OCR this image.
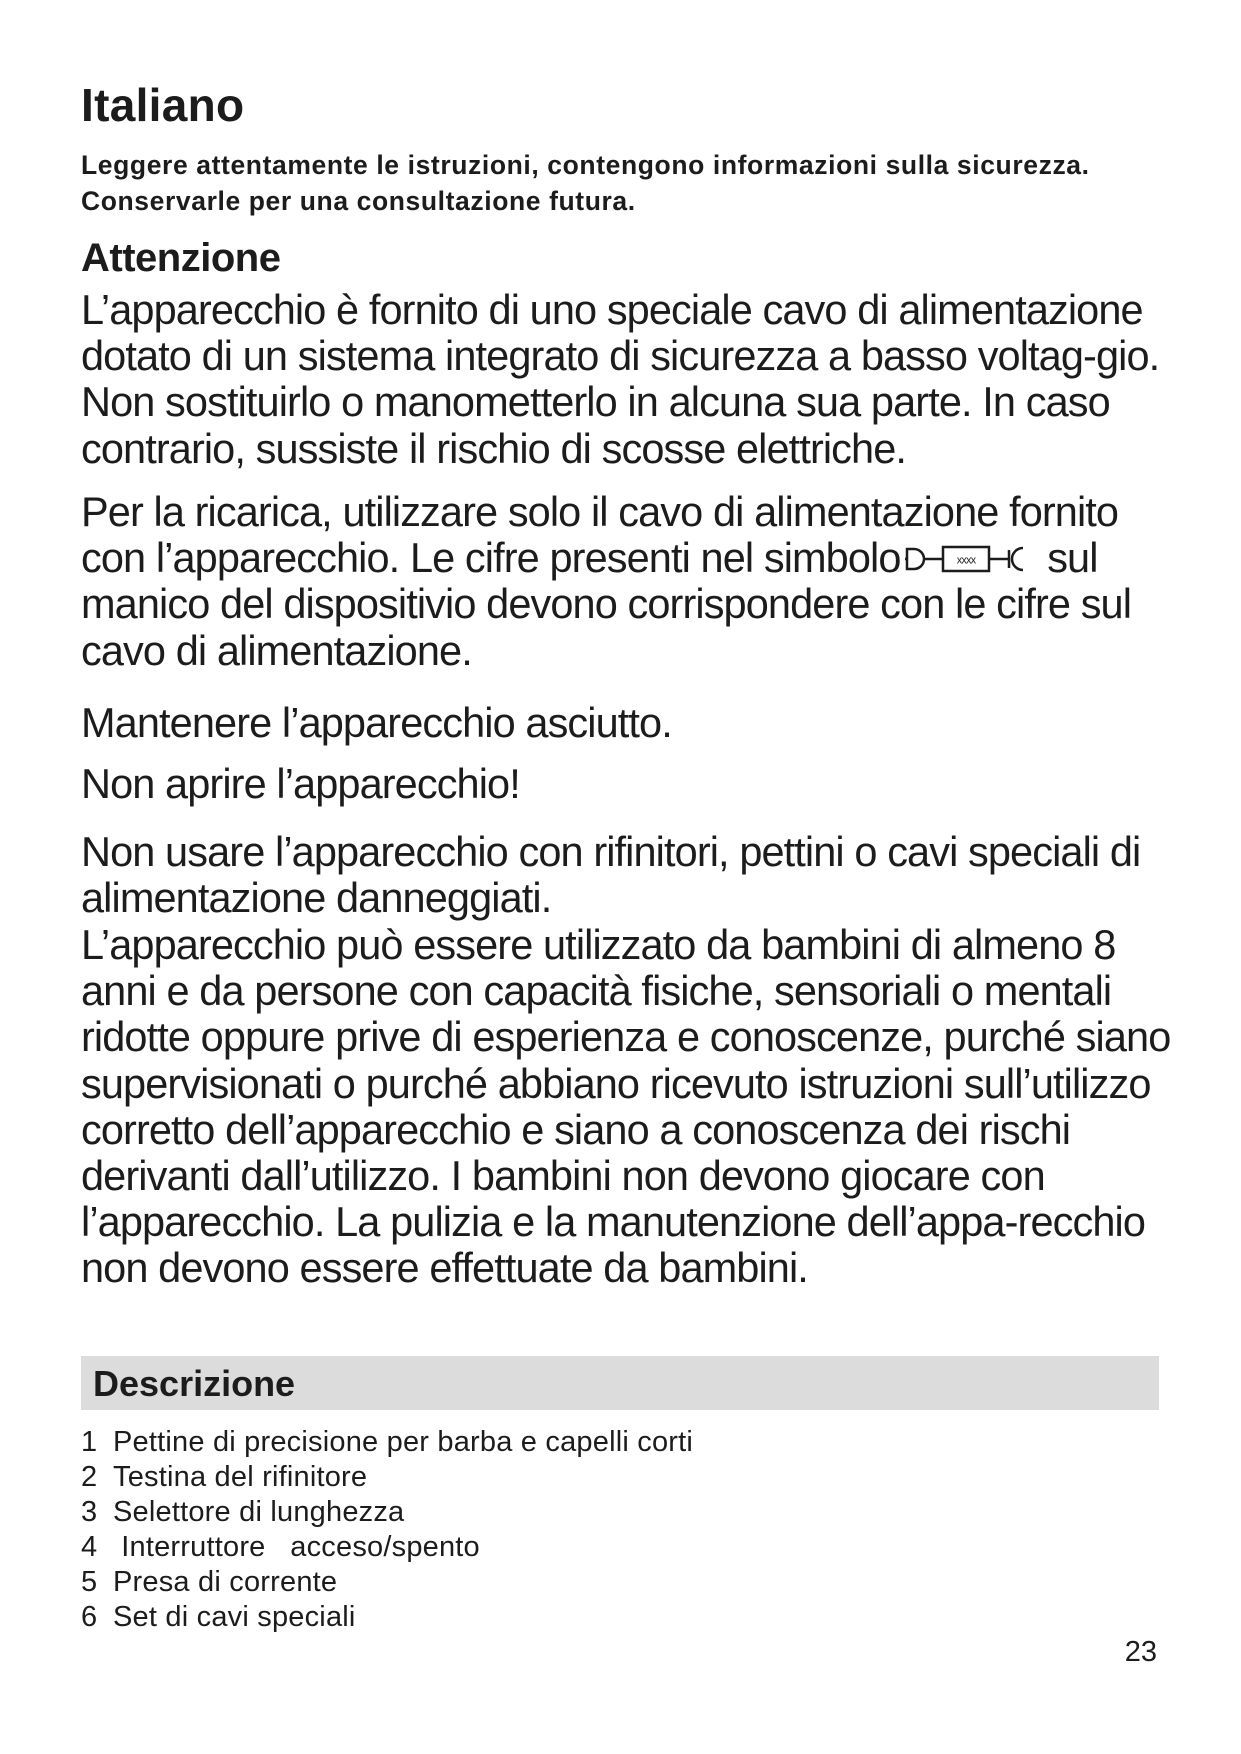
Italiano

Leggere attentamente le istruzioni, contengono informazioni sulla sicurezza. Conservarle per una consultazione futura.

Attenzione

L’apparecchio è fornito di uno speciale cavo di alimentazione dotato di un sistema integrato di sicurezza a basso voltag-gio. Non sostituirlo o manometterlo in alcuna sua parte. In caso contrario, sussiste il rischio di scosse elettriche.

Per la ricarica, utilizzare solo il cavo di alimentazione fornito con l’apparecchio. Le cifre presenti nel simbolo	xxxx sul manico del dispositivio devono corrispondere con le cifre sul cavo di alimentazione.

Mantenere l’apparecchio asciutto.

Non aprire l’apparecchio!

Non usare l’apparecchio con rifinitori, pettini o cavi speciali di alimentazione danneggiati.

L’apparecchio può essere utilizzato da bambini di almeno 8 anni e da persone con capacità fisiche, sensoriali o mentali ridotte oppure prive di esperienza e conoscenze, purché siano supervisionati o purché abbiano ricevuto istruzioni sull’utilizzo corretto dell’apparecchio e siano a conoscenza dei rischi derivanti dall’utilizzo. I bambini non devono giocare con l’apparecchio. La pulizia e la manutenzione dell’appa-recchio non devono essere effettuate da bambini.

Descrizione
1 Pettine di precisione per barba e capelli corti
2 Testina del rifinitore
3 Selettore di lunghezza
4 Interruttore   acceso/spento
5 Presa di corrente
6 Set di cavi speciali
23
